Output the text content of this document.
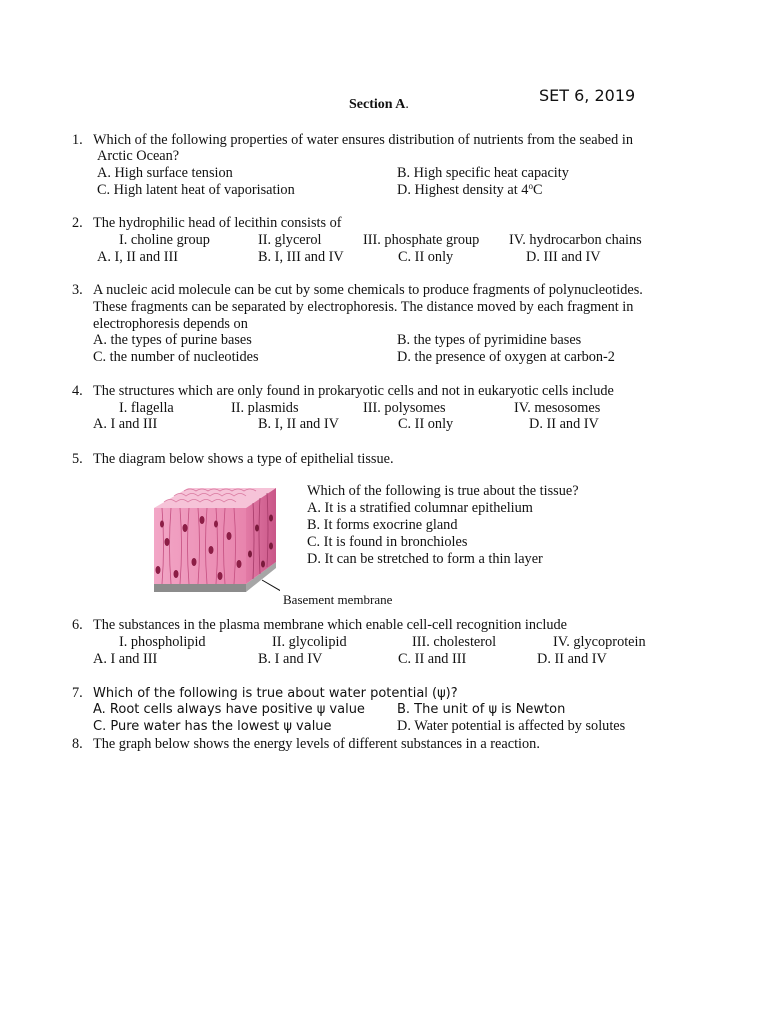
Section A.	SET 6, 2019
1. Which of the following properties of water ensures distribution of nutrients from the seabed in
Arctic Ocean?
A. High surface tension	B. High specific heat capacity
C. High latent heat of vaporisation	D. Highest density at 4$^o$C
2. The hydrophilic head of lecithin consists of
I. choline group	II. glycerol	III. phosphate group IV. hydrocarbon chains
A. I, II and III	B. I, III and IV	C. II only	D. III and IV
3. A nucleic acid molecule can be cut by some chemicals to produce fragments of polynucleotides.
These fragments can be separated by electrophoresis. The distance moved by each fragment in
electrophoresis depends on
A. the types of purine bases	B. the types of pyrimidine bases
C. the number of nucleotides	D. the presence of oxygen at carbon-2
4. The structures which are only found in prokaryotic cells and not in eukaryotic cells include
I. flagella	II. plasmids	III. polysomes	IV. mesosomes
A. I and III	B. I, II and IV	C. II only	D. II and IV
5. The diagram below shows a type of epithelial tissue.
Which of the following is true about the tissue?
A. It is a stratified columnar epithelium
B. It forms exocrine gland
C. It is found in bronchioles
D. It can be stretched to form a thin layer
Basement membrane
6. The substances in the plasma membrane which enable cell-cell recognition include
I. phospholipid	II. glycolipid	III. cholesterol	IV. glycoprotein
A. I and III	B. I and IV	C. II and III	D. II and IV
7. Which of the following is true about water potential (ψ)?
A. Root cells always have positive ψ value B. The unit of ψ is Newton
C. Pure water has the lowest ψ value	D. Water potential is affected by solutes
8. The graph below shows the energy levels of different substances in a reaction.
